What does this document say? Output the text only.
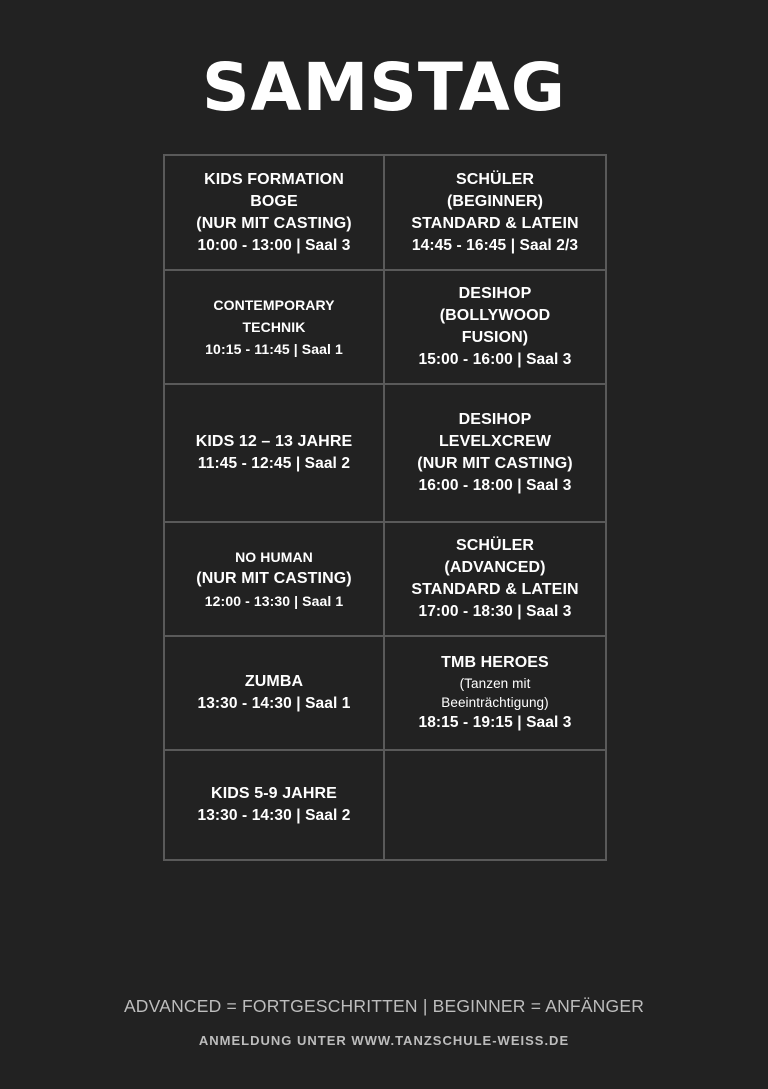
SAMSTAG
KIDS FORMATION
BOGE
(NUR MIT CASTING)
10:00 - 13:00 | Saal 3
SCHÜLER
(BEGINNER)
STANDARD & LATEIN
14:45 - 16:45 | Saal 2/3
CONTEMPORARY
TECHNIK
10:15 - 11:45 | Saal 1
DESIHOP
(BOLLYWOOD
FUSION)
15:00 - 16:00 | Saal 3
KIDS 12 – 13 JAHRE
11:45 - 12:45 | Saal 2
DESIHOP
LEVELXCREW
(NUR MIT CASTING)
16:00 - 18:00 | Saal 3
NO HUMAN
(NUR MIT CASTING)
12:00 - 13:30 | Saal 1
SCHÜLER
(ADVANCED)
STANDARD & LATEIN
17:00 - 18:30 | Saal 3
ZUMBA
13:30 - 14:30 | Saal 1
TMB HEROES
(Tanzen mit
Beeinträchtigung)
18:15 - 19:15 | Saal 3
KIDS 5-9 JAHRE
13:30 - 14:30 | Saal 2
ADVANCED = FORTGESCHRITTEN | BEGINNER = ANFÄNGER
ANMELDUNG UNTER WWW.TANZSCHULE-WEISS.DE
